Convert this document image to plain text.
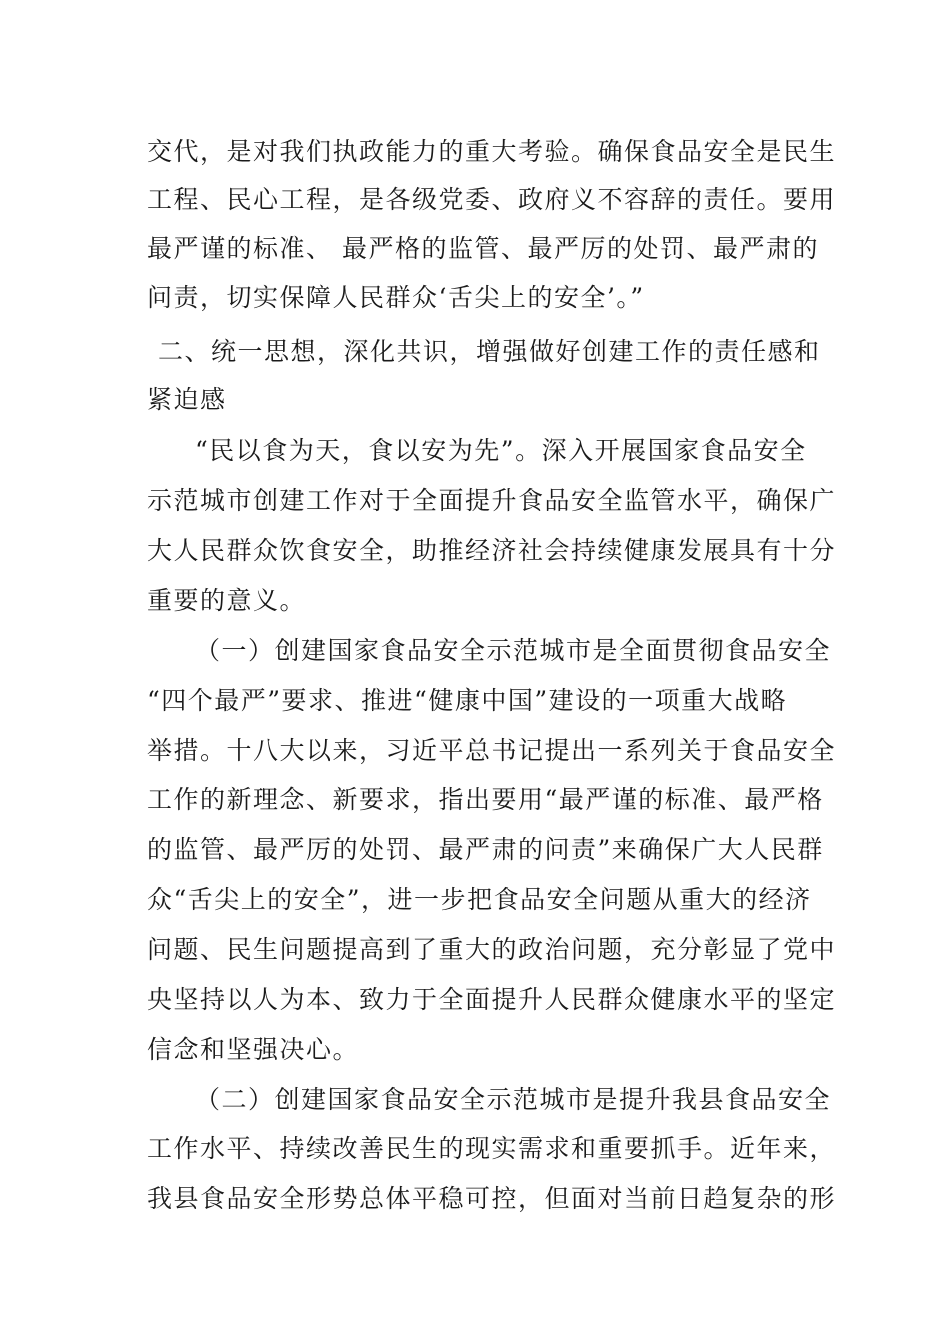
交代，是对我们执政能力的重大考验。确保食品安全是民生
工程、民心工程，是各级党委、政府义不容辞的责任。要用
最严谨的标准、 最严格的监管、最严厉的处罚、最严肃的
问责，切实保障人民群众‘舌尖上的安全’。”
二、统一思想，深化共识，增强做好创建工作的责任感和
紧迫感
“民以食为天，食以安为先”。深入开展国家食品安全
示范城市创建工作对于全面提升食品安全监管水平，确保广
大人民群众饮食安全，助推经济社会持续健康发展具有十分
重要的意义。
（一）创建国家食品安全示范城市是全面贯彻食品安全
“四个最严”要求、推进“健康中国”建设的一项重大战略
举措。十八大以来，习近平总书记提出一系列关于食品安全
工作的新理念、新要求，指出要用“最严谨的标准、最严格
的监管、最严厉的处罚、最严肃的问责”来确保广大人民群
众“舌尖上的安全”，进一步把食品安全问题从重大的经济
问题、民生问题提高到了重大的政治问题，充分彰显了党中
央坚持以人为本、致力于全面提升人民群众健康水平的坚定
信念和坚强决心。
（二）创建国家食品安全示范城市是提升我县食品安全
工作水平、持续改善民生的现实需求和重要抓手。近年来，
我县食品安全形势总体平稳可控，但面对当前日趋复杂的形
